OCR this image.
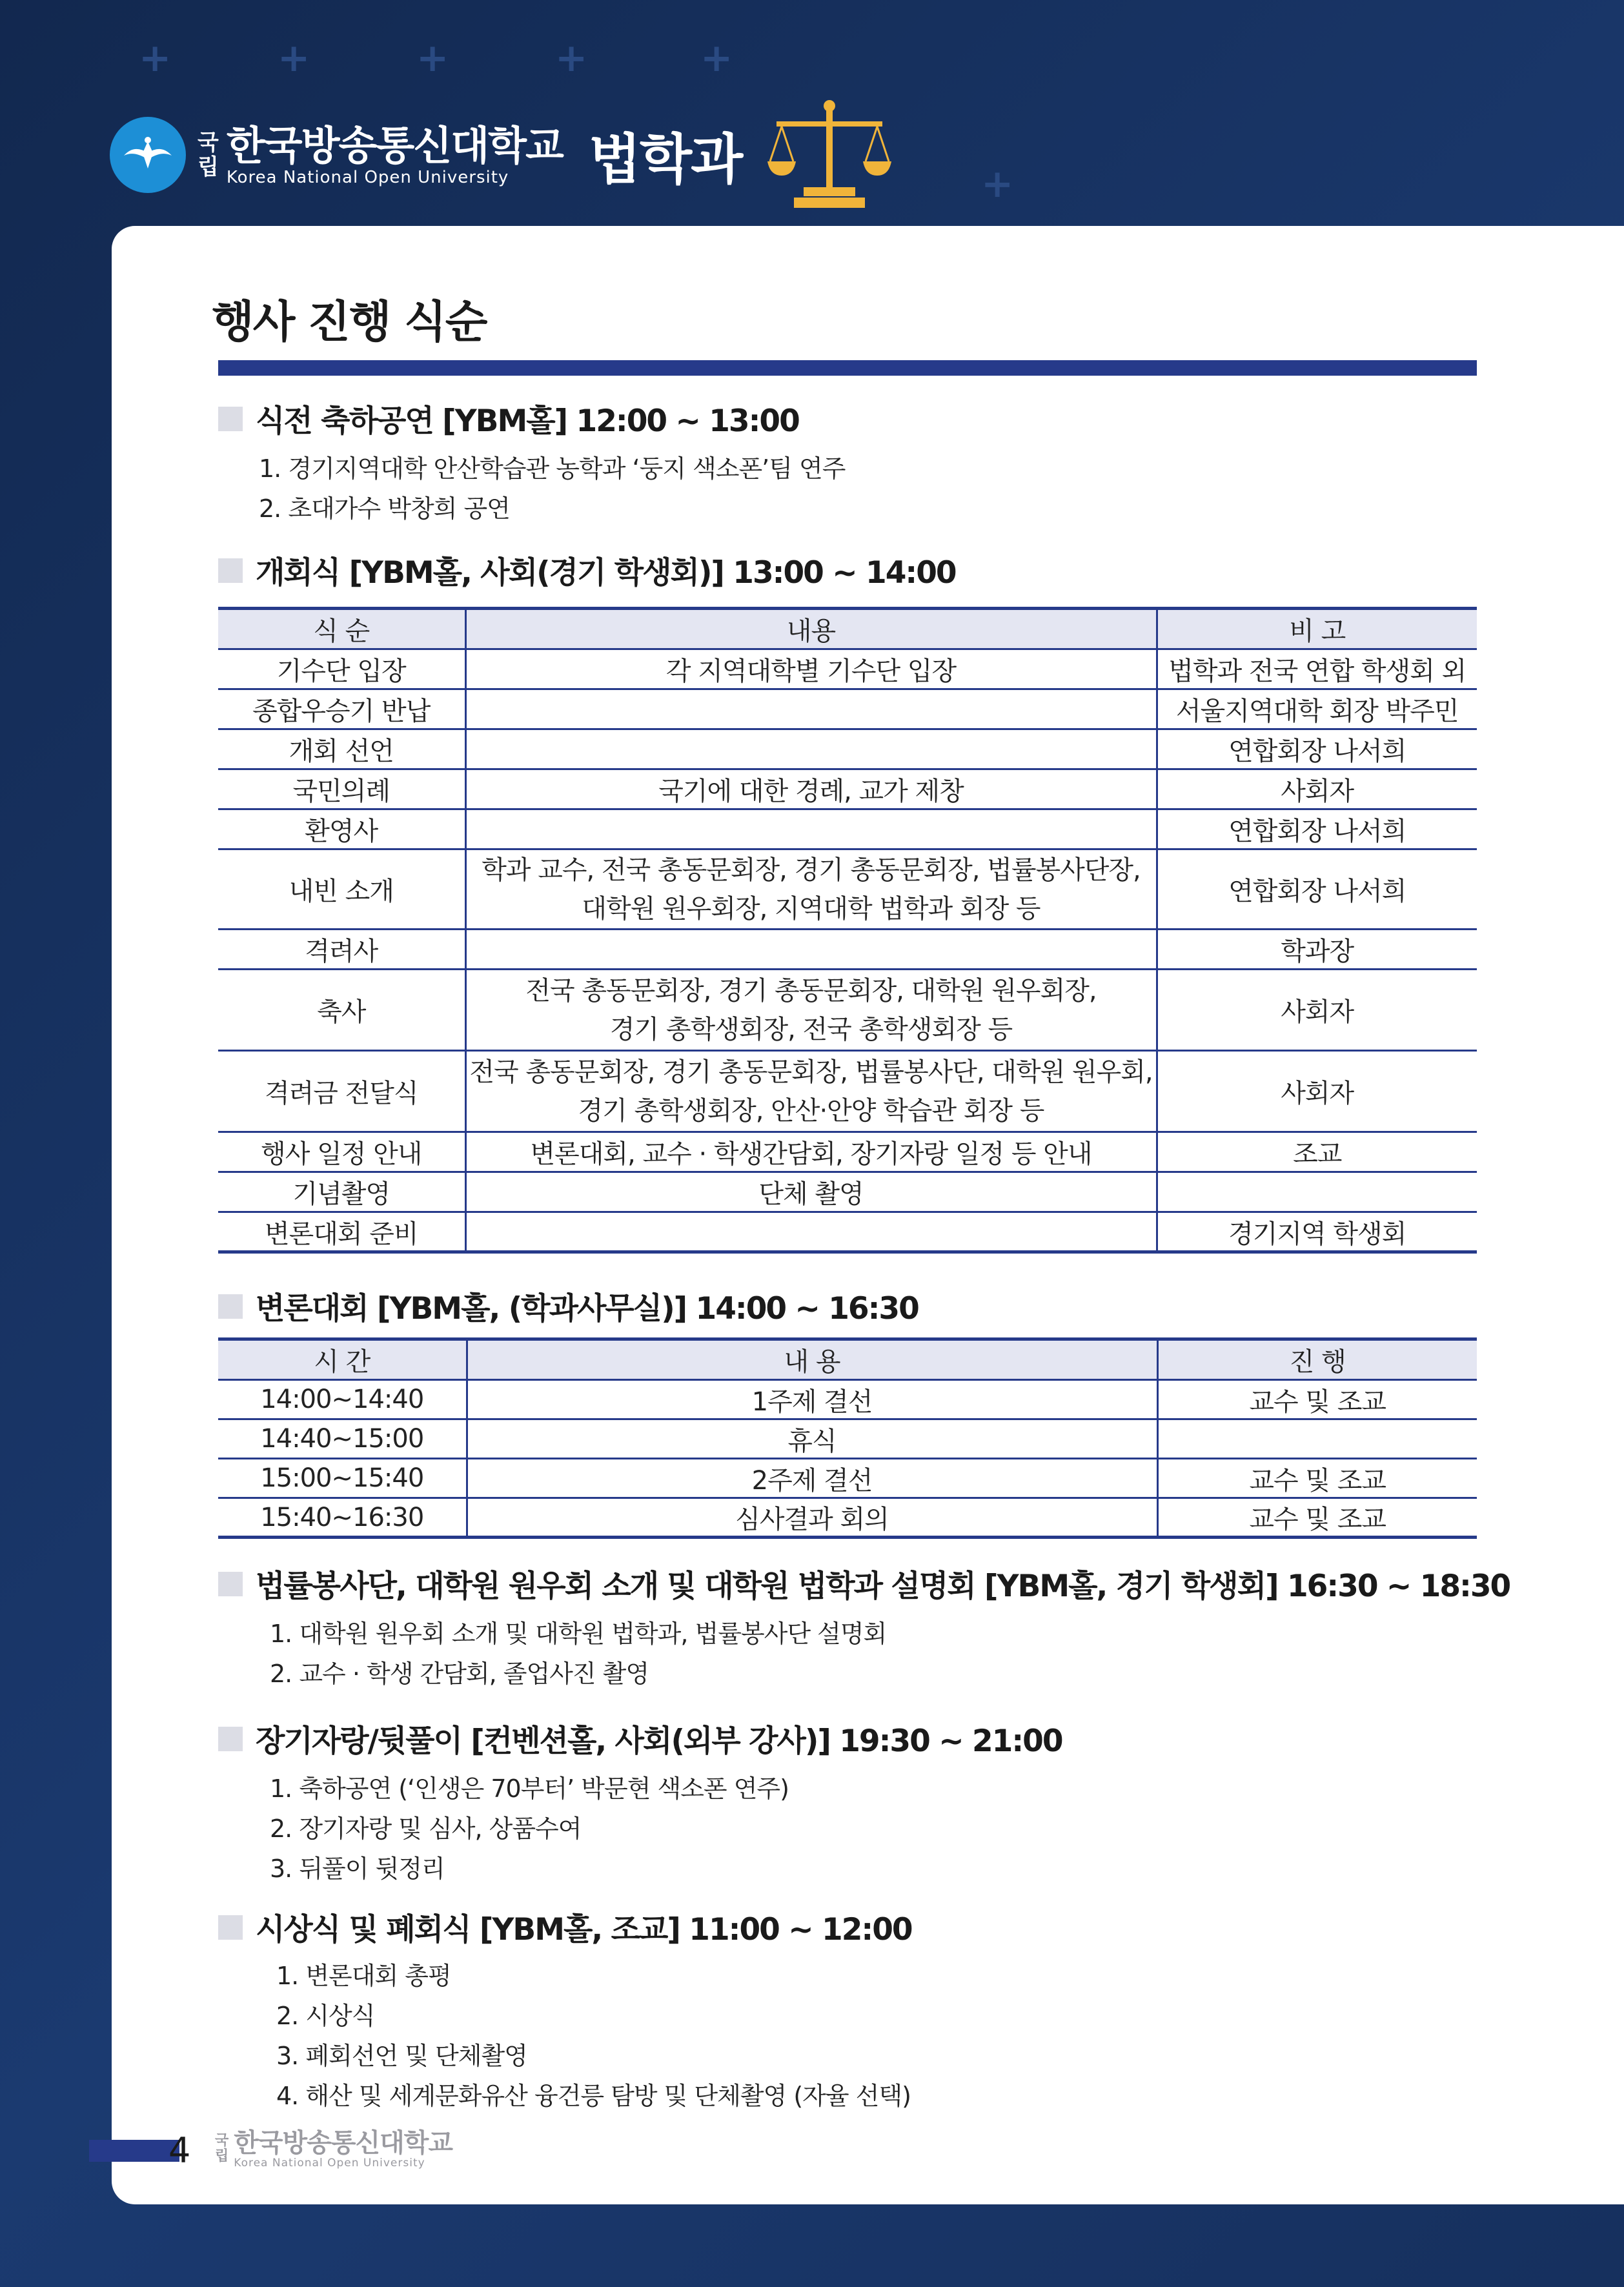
+	+	+	+	+
+
국
립 한국방송통신대학교
Korea National Open University	법학과
행사 진행 식순
식전 축하공연 [YBM홀] 12:00 ~ 13:00
1. 경기지역대학 안산학습관 농학과 ‘둥지 색소폰’팀 연주
2. 초대가수 박창희 공연
개회식 [YBM홀, 사회(경기 학생회)] 13:00 ~ 14:00
식 순	내용	비 고
기수단 입장	각 지역대학별 기수단 입장	법학과 전국 연합 학생회 외
종합우승기 반납		서울지역대학 회장 박주민
개회 선언		연합회장 나서희
국민의례	국기에 대한 경례, 교가 제창	사회자
환영사		연합회장 나서희
내빈 소개	학과 교수, 전국 총동문회장, 경기 총동문회장, 법률봉사단장,
대학원 원우회장, 지역대학 법학과 회장 등	연합회장 나서희
격려사		학과장
축사	전국 총동문회장, 경기 총동문회장, 대학원 원우회장,
경기 총학생회장, 전국 총학생회장 등	사회자
격려금 전달식	전국 총동문회장, 경기 총동문회장, 법률봉사단, 대학원 원우회,
경기 총학생회장, 안산·안양 학습관 회장 등	사회자
행사 일정 안내	변론대회, 교수 · 학생간담회, 장기자랑 일정 등 안내	조교
기념촬영	단체 촬영	
변론대회 준비		경기지역 학생회
변론대회 [YBM홀, (학과사무실)] 14:00 ~ 16:30
시 간	내 용	진 행
14:00~14:40	1주제 결선	교수 및 조교
14:40~15:00	휴식	
15:00~15:40	2주제 결선	교수 및 조교
15:40~16:30	심사결과 회의	교수 및 조교
법률봉사단, 대학원 원우회 소개 및 대학원 법학과 설명회 [YBM홀, 경기 학생회] 16:30 ~ 18:30
1. 대학원 원우회 소개 및 대학원 법학과, 법률봉사단 설명회
2. 교수 · 학생 간담회, 졸업사진 촬영
장기자랑/뒷풀이 [컨벤션홀, 사회(외부 강사)] 19:30 ~ 21:00
1. 축하공연 (‘인생은 70부터’ 박문현 색소폰 연주)
2. 장기자랑 및 심사, 상품수여
3. 뒤풀이 뒷정리
시상식 및 폐회식 [YBM홀, 조교] 11:00 ~ 12:00
1. 변론대회 총평
2. 시상식
3. 폐회선언 및 단체촬영
4. 해산 및 세계문화유산 융건릉 탐방 및 단체촬영 (자율 선택)
4 국
립 한국방송통신대학교
Korea National Open University
